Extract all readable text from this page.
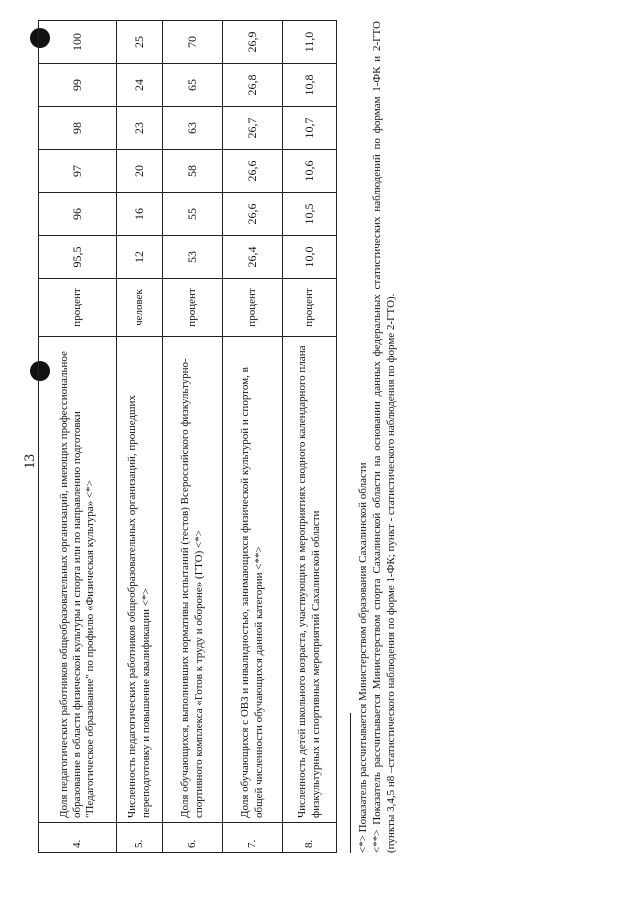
13
4.	Доля педагогических работников общеобразовательных организаций, имеющих профессиональное образование в области физической культуры и спорта или по направлению подготовки "Педагогическое образование" по профилю «Физическая культура» <*>	процент	95,5	96	97	98	99	100
5.	Численность педагогических работников общеобразовательных организаций, прошедших переподготовку и повышение квалификации <*>	человек	12	16	20	23	24	25
6.	Доля обучающихся, выполнивших нормативы испытаний (тестов) Всероссийского физкультурно-спортивного комплекса «Готов к труду и обороне» (ГТО) <*>	процент	53	55	58	63	65	70
7.	Доля обучающихся с ОВЗ и инвалидностью, занимающихся физической культурой и спортом, в общей численности обучающихся данной категории <**>	процент	26,4	26,6	26,6	26,7	26,8	26,9
8.	Численность детей школьного возраста, участвующих в мероприятиях сводного календарного плана физкультурных и спортивных мероприятий Сахалинской области	процент	10,0	10,5	10,6	10,7	10,8	11,0

<*> Показатель рассчитывается Министерством образования Сахалинской области <**> Показатель рассчитывается Министерством спорта Сахалинской области на основании данных федеральных статистических наблюдений по формам 1-ФК и 2-ГТО (пункты 3,4,5 н8 –статистического наблюдения по форме 1-ФК; пункт - статистического наблюдения по форме 2-ГТО).
